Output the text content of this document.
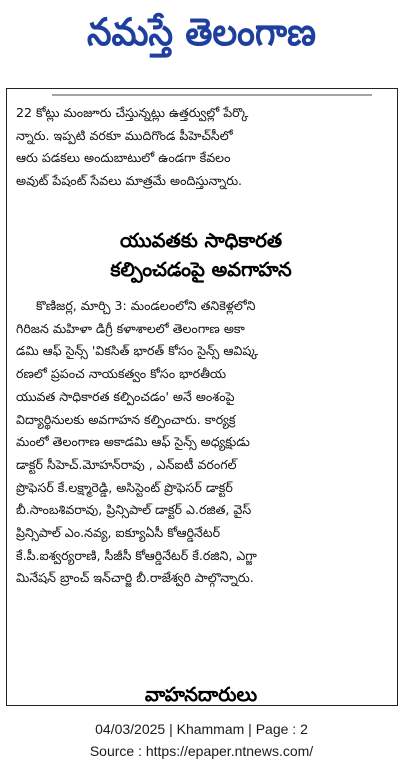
నమస్తే తెలంగాణ
22 కోట్లు మంజూరు చేస్తున్నట్లు ఉత్తర్వుల్లో పేర్కొ
న్నారు. ఇప్పటి వరకూ ముదిగొండ పీహెచ్‌సీలో
ఆరు పడకలు అందుబాటులో ఉండగా కేవలం
అవుట్ పేషంట్ సేవలు మాత్రమే అందిస్తున్నారు.
యువతకు సాధికారత
కల్పించడంపై అవగాహన
కొణిజర్ల, మార్చి 3: మండలంలోని తనికెళ్లలోని
గిరిజన మహిళా డిగ్రీ కళాశాలలో తెలంగాణ అకా
డమి ఆఫ్ సైన్స్ 'వికసిత్ భారత్ కోసం సైన్స్ ఆవిష్క
రణలో ప్రపంచ నాయకత్వం కోసం భారతీయ
యువత సాధికారత కల్పించడం' అనే అంశంపై
విద్యార్థినులకు అవగాహన కల్పించారు. కార్యక్ర
మంలో తెలంగాణ అకాడమి ఆఫ్ సైన్స్ అధ్యక్షుడు
డాక్టర్ సీహెచ్.మోహన్‌రావు , ఎన్‌ఐటీ వరంగల్
ప్రొఫెసర్ కే.లక్ష్మారెడ్డి, అసిస్టెంట్ ప్రొఫెసర్ డాక్టర్
బీ.సాంబశివరావు, ప్రిన్సిపాల్ డాక్టర్ ఎ.రజిత, వైస్
ప్రిన్సిపాల్ ఎం.నవ్య, ఐక్యూఏసీ కోఆర్డినేటర్
కే.పీ.ఐశ్వర్యరాణి, సీజీసీ కోఆర్డినేటర్ కే.రజిని, ఎగ్జా
మినేషన్ బ్రాంచ్ ఇన్‌చార్జి బీ.రాజేశ్వరి పాల్గొన్నారు.
వాహనదారులు
04/03/2025 | Khammam | Page : 2
Source : https://epaper.ntnews.com/
